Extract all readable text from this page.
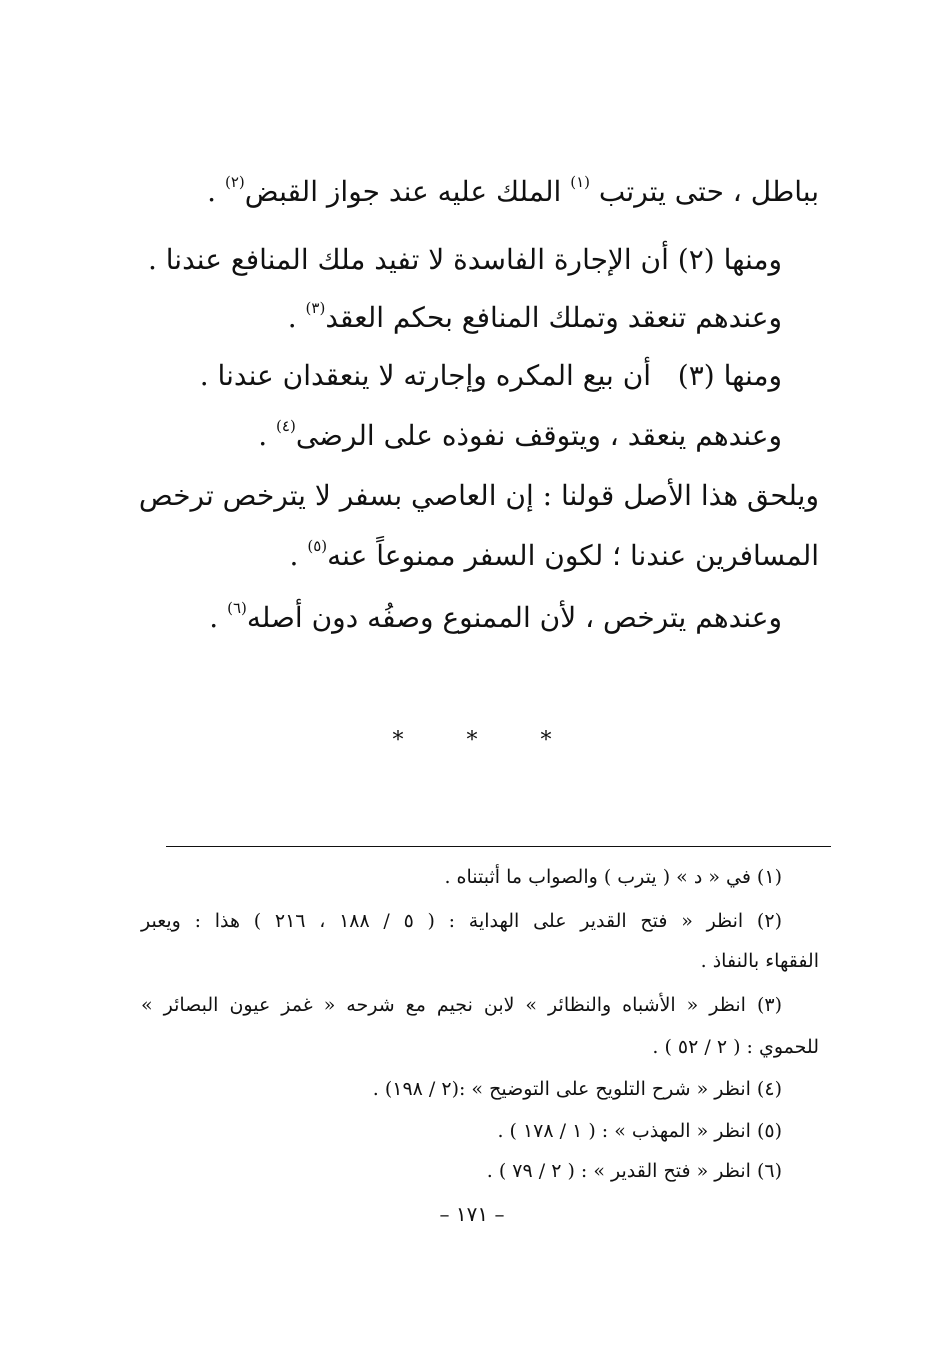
بباطل ، حتى يترتب $^{(١)}$ الملك عليه عند جواز القبض$^{(٢)}$ .
ومنها (٢) أن الإجارة الفاسدة لا تفيد ملك المنافع عندنا .
وعندهم تنعقد وتملك المنافع بحكم العقد$^{(٣)}$ .
ومنها (٣)   أن بيع المكره وإجارته لا ينعقدان عندنا .
وعندهم ينعقد ، ويتوقف نفوذه على الرضى$^{(٤)}$ .
ويلحق هذا الأصل قولنا : إن العاصي بسفر لا يترخص ترخص
المسافرين عندنا ؛ لكون السفر ممنوعاً عنه$^{(٥)}$ .
وعندهم يترخص ، لأن الممنوع وصفُه دون أصله$^{(٦)}$ .
* * *
(١) في « د » ( يترب ) والصواب ما أثبتناه .
(٢) انظر « فتح القدير على الهداية : ( ٥ / ١٨٨ ، ٢١٦ ) هذا : ويعبر
الفقهاء بالنفاذ .
(٣) انظر « الأشباه والنظائر » لابن نجيم مع شرحه « غمز عيون البصائر »
للحموي : ( ٢ / ٥٢ ) .
(٤) انظر « شرح التلويح على التوضيح » :(٢ / ١٩٨) .
(٥) انظر « المهذب » : ( ١ / ١٧٨ ) .
(٦) انظر « فتح القدير » : ( ٢ / ٧٩ ) .
– ١٧١ –
